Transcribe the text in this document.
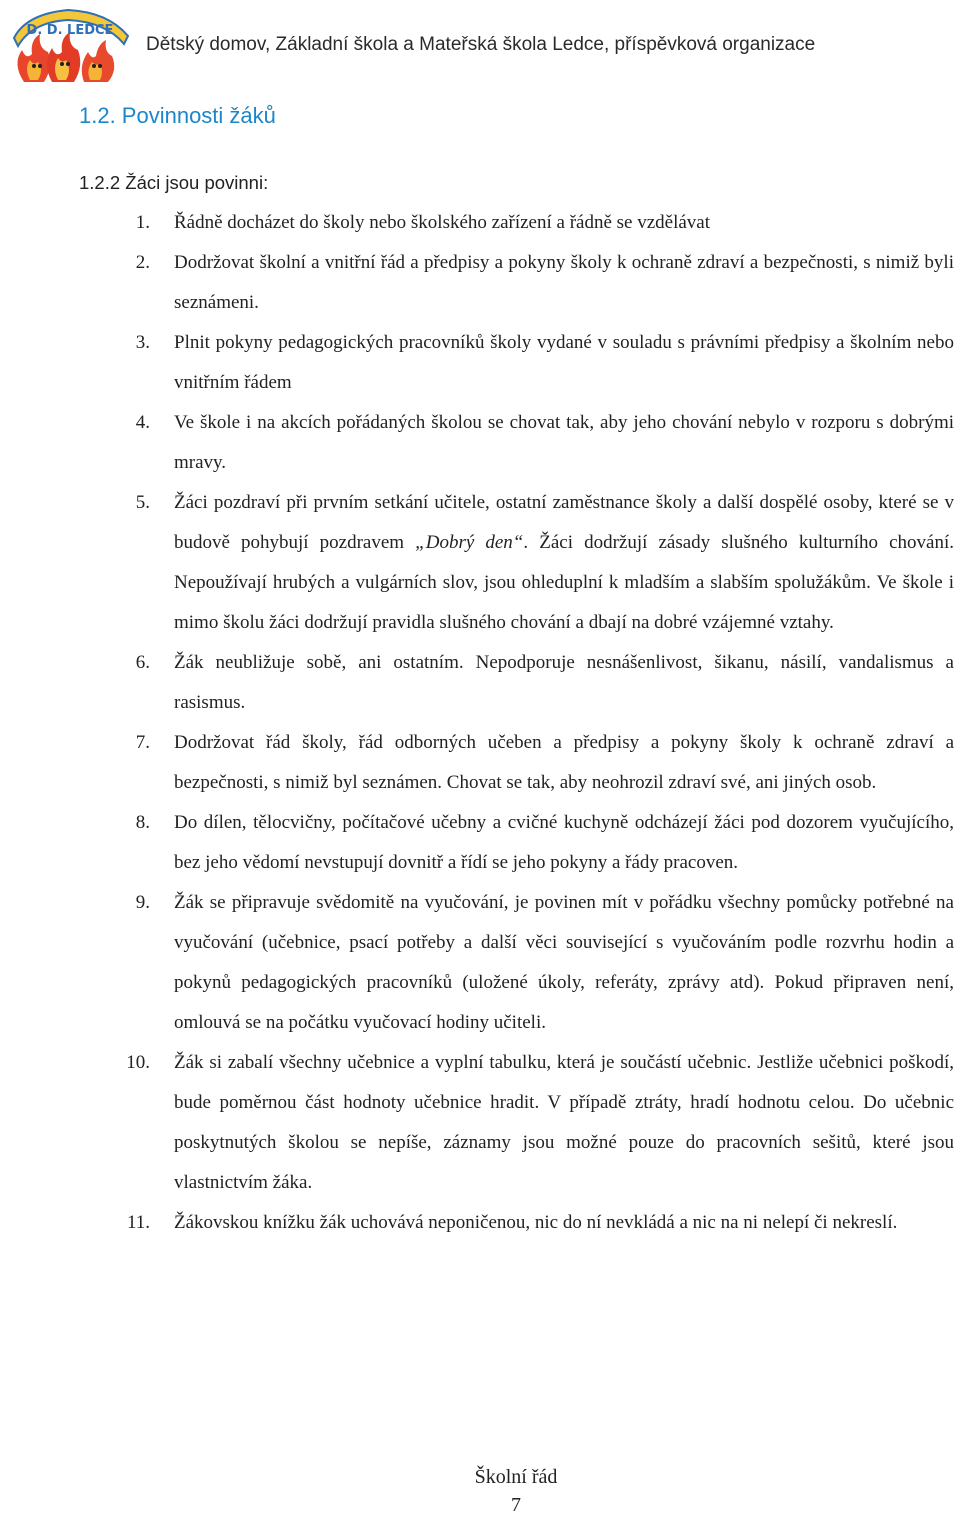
D. D. LEDCE
Dětský domov, Základní škola a Mateřská škola Ledce, příspěvková organizace
1.2. Povinnosti žáků
1.2.2 Žáci jsou povinni:
1. Řádně docházet do školy nebo školského zařízení a řádně se vzdělávat
2. Dodržovat školní a vnitřní řád a předpisy a pokyny školy k ochraně zdraví a bezpečnosti, s nimiž byli seznámeni.
3. Plnit pokyny pedagogických pracovníků školy vydané v souladu s právními předpisy a školním nebo vnitřním řádem
4. Ve škole i na akcích pořádaných školou se chovat tak, aby jeho chování nebylo v rozporu s dobrými mravy.
5. Žáci pozdraví při prvním setkání učitele, ostatní zaměstnance školy a další dospělé osoby, které se v budově pohybují pozdravem „Dobrý den“. Žáci dodržují zásady slušného kulturního chování. Nepoužívají hrubých a vulgárních slov, jsou ohleduplní k mladším a slabším spolužákům. Ve škole i mimo školu žáci dodržují pravidla slušného chování a dbají na dobré vzájemné vztahy.
6. Žák neubližuje sobě, ani ostatním. Nepodporuje nesnášenlivost, šikanu, násilí, vandalismus a rasismus.
7. Dodržovat řád školy, řád odborných učeben a předpisy a pokyny školy k ochraně zdraví a bezpečnosti, s nimiž byl seznámen. Chovat se tak, aby neohrozil zdraví své, ani jiných osob.
8. Do dílen, tělocvičny, počítačové učebny a cvičné kuchyně odcházejí žáci pod dozorem vyučujícího, bez jeho vědomí nevstupují dovnitř a řídí se jeho pokyny a řády pracoven.
9. Žák se připravuje svědomitě na vyučování, je povinen mít v pořádku všechny pomůcky potřebné na vyučování (učebnice, psací potřeby a další věci související s vyučováním podle rozvrhu hodin a pokynů pedagogických pracovníků (uložené úkoly, referáty, zprávy atd). Pokud připraven není, omlouvá se na počátku vyučovací hodiny učiteli.
10. Žák si zabalí všechny učebnice a vyplní tabulku, která je součástí učebnic. Jestliže učebnici poškodí, bude poměrnou část hodnoty učebnice hradit. V případě ztráty, hradí hodnotu celou. Do učebnic poskytnutých školou se nepíše, záznamy jsou možné pouze do pracovních sešitů, které jsou vlastnictvím žáka.
11. Žákovskou knížku žák uchovává neponičenou, nic do ní nevkládá a nic na ni nelepí či nekreslí.
Školní řád
7
